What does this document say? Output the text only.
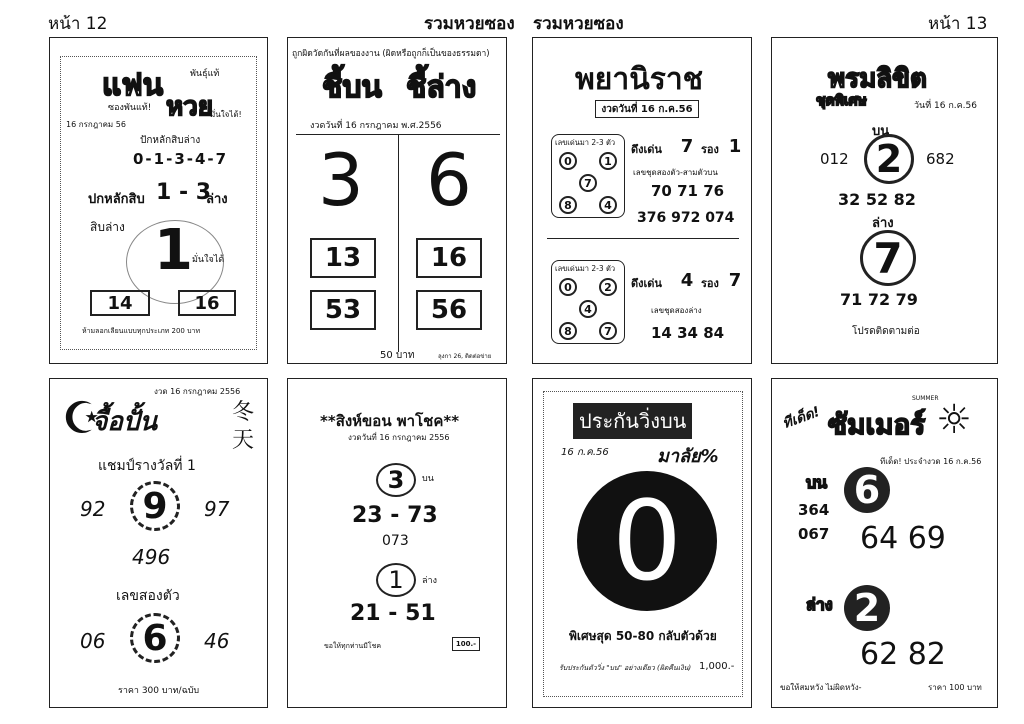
หน้า 12	รวมหวยซอง รวมหวยซอง	หน้า 13
แฟน
หวย
พันธุ์แท้
ซองพันแท้!
มั่นใจได้!
16 กรกฎาคม 56
ปักหลักสิบล่าง
0-1-3-4-7
ปกหลักสิบ 1 - 3
ล่าง
สิบล่าง 1 มั่นใจได้
14	16
ห้ามลอกเลียนแบบทุกประเภท 200 บาท
ถูกผิดวัดกันที่ผลของงาน (ผิดหรือถูกก็เป็นของธรรมดา)
ชี้บน ชี้ล่าง
งวดวันที่ 16 กรกฎาคม พ.ศ.2556
3 6
13	16
53	56
50 บาท	ลุงกา 26, ติดต่อข่าย
พยานิราช
งวดวันที่ 16 ก.ค.56
เลขเด่นมา 2-3 ตัว
0	1
7
8	4
ดึงเด่น	7 รอง 1
เลขชุดสองตัว-สามตัวบน
70 71 76
376 972 074
เลขเด่นมา 2-3 ตัว
0	2
4
8	7
ดึงเด่น	4 รอง 7
เลขชุดสองล่าง
14 34 84
พรมลิขิต
ชุดพิเศษ	วันที่ 16 ก.ค.56
บน
012 2	682
32 52 82
ล่าง
7
71 72 79
โปรดติดตามต่อ
งวด 16 กรกฎาคม 2556
☪
จื้อปั้น	冬天
แชมป์รางวัลที่ 1
92	9	97
496
เลขสองตัว
06	6	46
ราคา 300 บาท/ฉบับ
**สิงห์ขอน พาโชค**
งวดวันที่ 16 กรกฎาคม 2556
3	บน
23 - 73
073
1	ล่าง
21 - 51
ขอให้ทุกท่านมีโชค	100.-
ประกันวิ่งบน
16 ก.ค.56	มาลัย%
0
พิเศษสุด 50-80 กลับตัวด้วย
รับประกันตัววิ่ง "บน" อย่างเดียว (ผิดคืนเงิน) 1,000.-
ทีเด็ด! ซัมเมอร์
SUMMER
☼
ทีเด็ด! ประจำงวด 16 ก.ค.56
บน 6
364
067 64 69
ล่าง 2
62 82
ขอให้สมหวัง ไม่ผิดหวัง-	ราคา 100 บาท
